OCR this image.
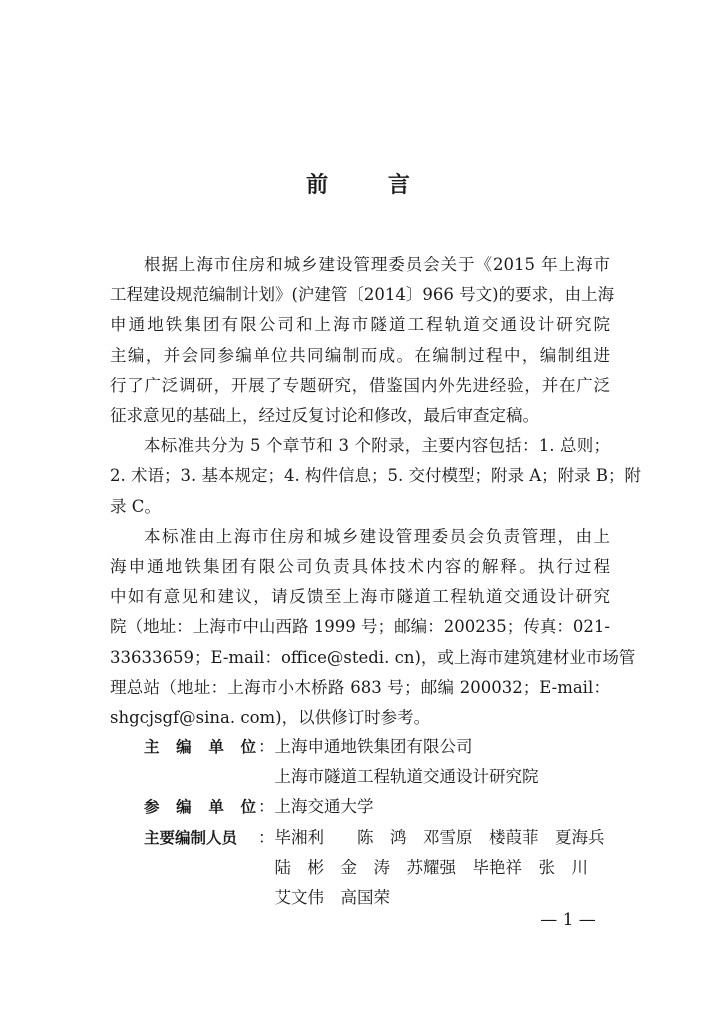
前 言

根据上海市住房和城乡建设管理委员会关于《2015 年上海市
工程建设规范编制计划》(沪建管〔2014〕966 号文)的要求，由上海
申通地铁集团有限公司和上海市隧道工程轨道交通设计研究院
主编，并会同参编单位共同编制而成。在编制过程中，编制组进
行了广泛调研，开展了专题研究，借鉴国内外先进经验，并在广泛
征求意见的基础上，经过反复讨论和修改，最后审查定稿。

本标准共分为 5 个章节和 3 个附录，主要内容包括：1. 总则；
2. 术语；3. 基本规定；4. 构件信息；5. 交付模型；附录 A；附录 B；附
录 C。

本标准由上海市住房和城乡建设管理委员会负责管理，由上
海申通地铁集团有限公司负责具体技术内容的解释。执行过程
中如有意见和建议，请反馈至上海市隧道工程轨道交通设计研究
院（地址：上海市中山西路 1999 号；邮编：200235；传真：021-
33633659；E-mail：office@stedi. cn)，或上海市建筑建材业市场管
理总站（地址：上海市小木桥路 683 号；邮编 200032；E-mail：
shgcjsgf@sina. com)，以供修订时参考。

主 编 单 位 ：上海申通地铁集团有限公司
　上海市隧道工程轨道交通设计研究院
参 编 单 位 ：上海交通大学
主要编制人员	：毕湘利　　 陈　鸿　 邓雪原　 楼葭菲　 夏海兵
　陆　彬　 金　涛　 苏耀强　 毕艳祥　 张　川
　艾文伟　 高国荣
— 1 —
